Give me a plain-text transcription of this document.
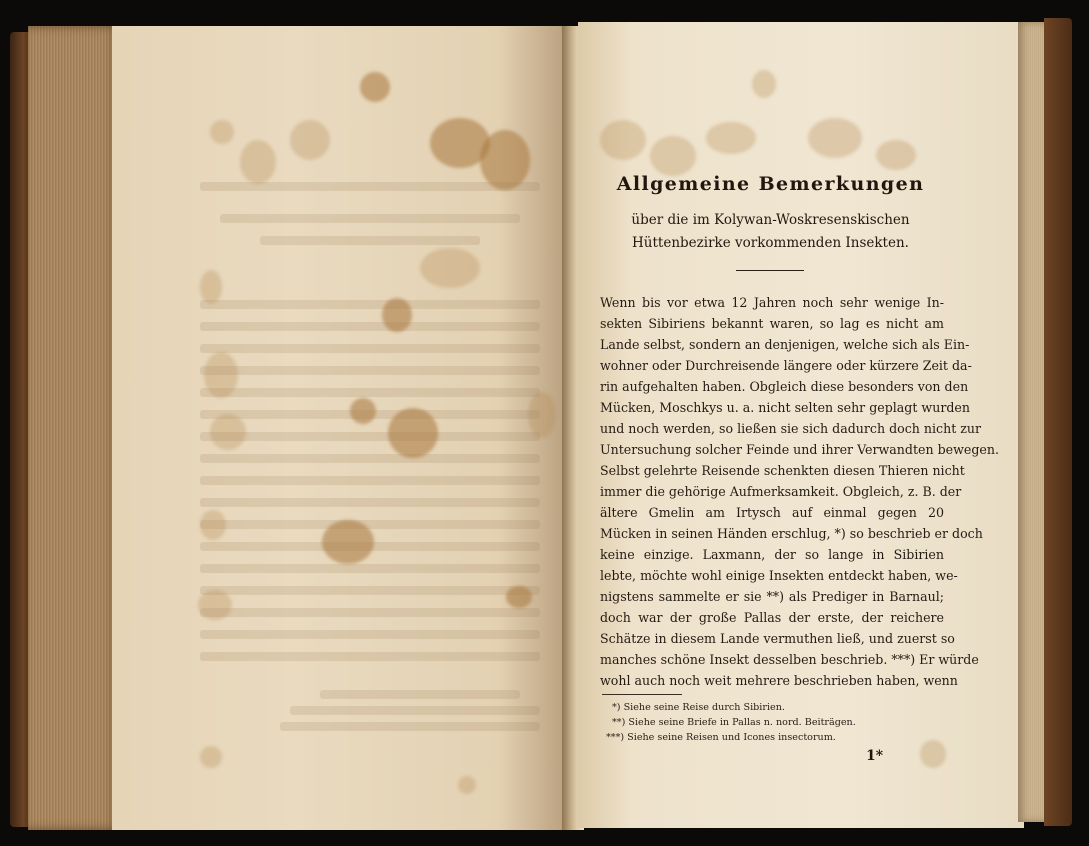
Allgemeine Bemerkungen
über die im Kolywan-Woskresenskischen
Hüttenbezirke vorkommenden Insekten.
Wenn bis vor etwa 12 Jahren noch sehr wenige In-
sekten Sibiriens bekannt waren, so lag es nicht am
Lande selbst, sondern an denjenigen, welche sich als Ein-
wohner oder Durchreisende längere oder kürzere Zeit da-
rin aufgehalten haben. Obgleich diese besonders von den
Mücken, Moschkys u. a. nicht selten sehr geplagt wurden
und noch werden, so ließen sie sich dadurch doch nicht zur
Untersuchung solcher Feinde und ihrer Verwandten bewegen.
Selbst gelehrte Reisende schenkten diesen Thieren nicht
immer die gehörige Aufmerksamkeit. Obgleich, z. B. der
ältere Gmelin am Irtysch auf einmal gegen 20
Mücken in seinen Händen erschlug, *) so beschrieb er doch
keine einzige. Laxmann, der so lange in Sibirien
lebte, möchte wohl einige Insekten entdeckt haben, we-
nigstens sammelte er sie **) als Prediger in Barnaul;
doch war der große Pallas der erste, der reichere
Schätze in diesem Lande vermuthen ließ, und zuerst so
manches schöne Insekt desselben beschrieb. ***) Er würde
wohl auch noch weit mehrere beschrieben haben, wenn
*) Siehe seine Reise durch Sibirien.
**) Siehe seine Briefe in Pallas n. nord. Beiträgen.
***) Siehe seine Reisen und Icones insectorum.
1*
